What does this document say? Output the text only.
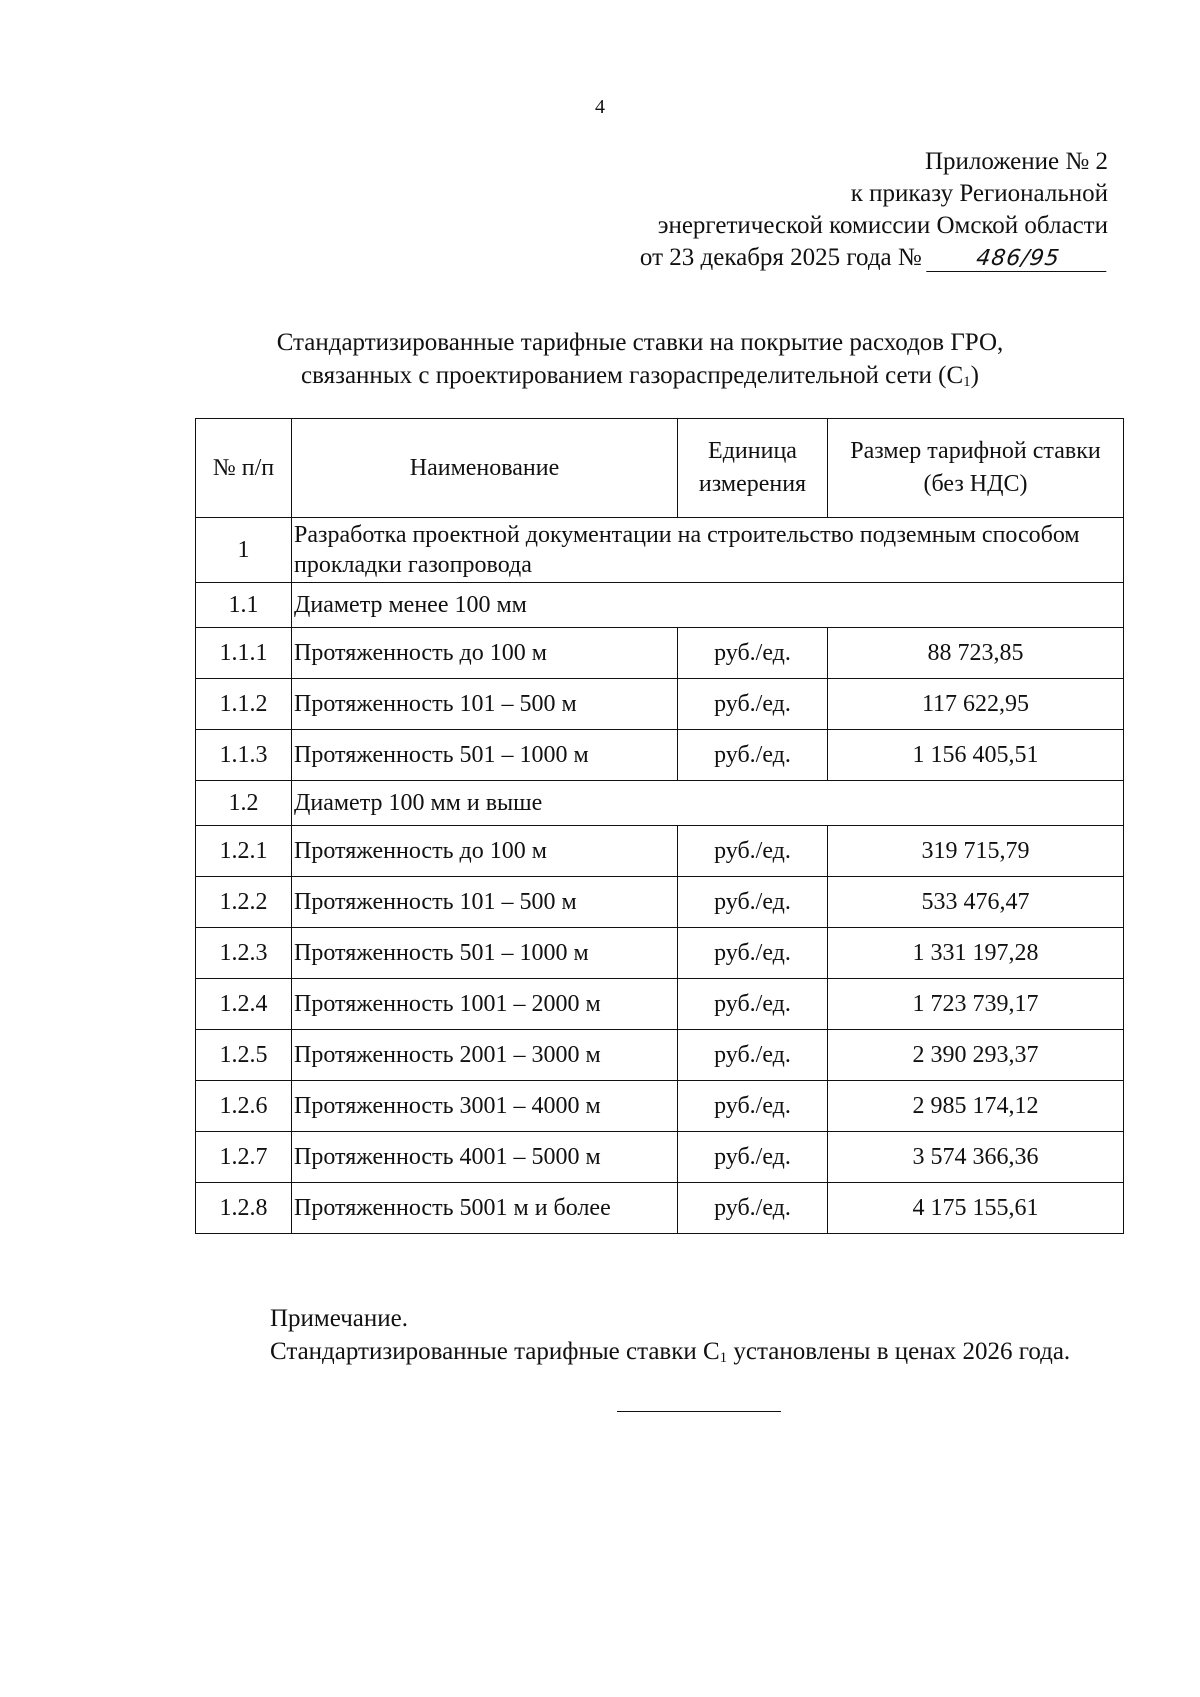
4
Приложение № 2
к приказу Региональной
энергетической комиссии Омской области
от 23 декабря 2025 года № 486/95
Стандартизированные тарифные ставки на покрытие расходов ГРО,
связанных с проектированием газораспределительной сети $(С_1)$
№ п/п	Наименование	Единица измерения	Размер тарифной ставки (без НДС)
1	Разработка проектной документации на строительство подземным способом прокладки газопровода		
1.1	Диаметр менее 100 мм		
1.1.1	Протяженность до 100 м	руб./ед.	88 723,85
1.1.2	Протяженность 101 – 500 м	руб./ед.	117 622,95
1.1.3	Протяженность 501 – 1000 м	руб./ед.	1 156 405,51
1.2	Диаметр 100 мм и выше		
1.2.1	Протяженность до 100 м	руб./ед.	319 715,79
1.2.2	Протяженность 101 – 500 м	руб./ед.	533 476,47
1.2.3	Протяженность 501 – 1000 м	руб./ед.	1 331 197,28
1.2.4	Протяженность 1001 – 2000 м	руб./ед.	1 723 739,17
1.2.5	Протяженность 2001 – 3000 м	руб./ед.	2 390 293,37
1.2.6	Протяженность 3001 – 4000 м	руб./ед.	2 985 174,12
1.2.7	Протяженность 4001 – 5000 м	руб./ед.	3 574 366,36
1.2.8	Протяженность 5001 м и более	руб./ед.	4 175 155,61
Примечание.
Стандартизированные тарифные ставки $С_1$ установлены в ценах 2026 года.
